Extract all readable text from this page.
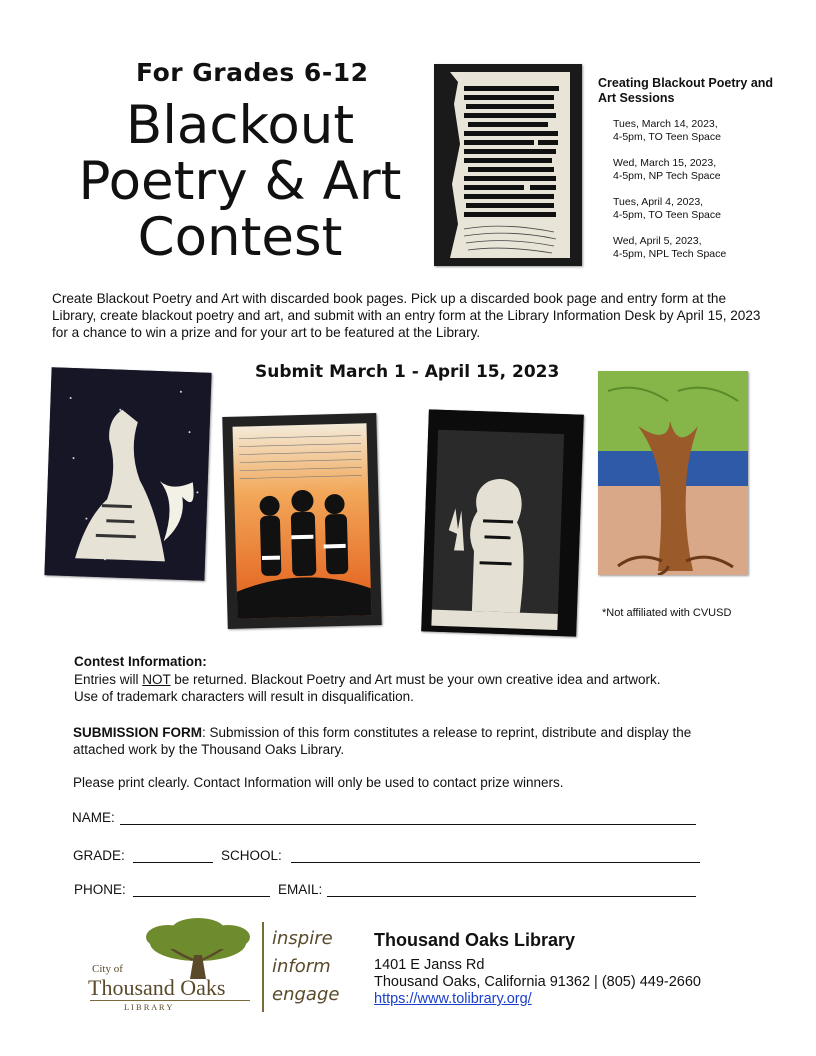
For Grades 6-12
Blackout
Poetry & Art
Contest
Creating Blackout Poetry and Art Sessions
Tues, March 14, 2023,
4-5pm, TO Teen Space
Wed, March 15, 2023,
4-5pm, NP Tech Space
Tues, April 4, 2023,
4-5pm, TO Teen Space
Wed, April 5, 2023,
4-5pm, NPL Tech Space
Create Blackout Poetry and Art with discarded book pages. Pick up a discarded book page and entry form at the Library, create blackout poetry and art, and submit with an entry form at the Library Information Desk by April 15, 2023 for a chance to win a prize and for your art to be featured at the Library.
Submit March 1 - April 15, 2023
*Not affiliated with CVUSD
Contest Information:
Entries will NOT be returned. Blackout Poetry and Art must be your own creative idea and artwork. Use of trademark characters will result in disqualification.
SUBMISSION FORM: Submission of this form constitutes a release to reprint, distribute and display the attached work by the Thousand Oaks Library.
Please print clearly. Contact Information will only be used to contact prize winners.
NAME:
GRADE:	SCHOOL:
PHONE:	EMAIL:
City of
Thousand Oaks
L I B R A R Y
inspire
inform
engage
Thousand Oaks Library
1401 E Janss Rd
Thousand Oaks, California 91362 | (805) 449-2660
https://www.tolibrary.org/
